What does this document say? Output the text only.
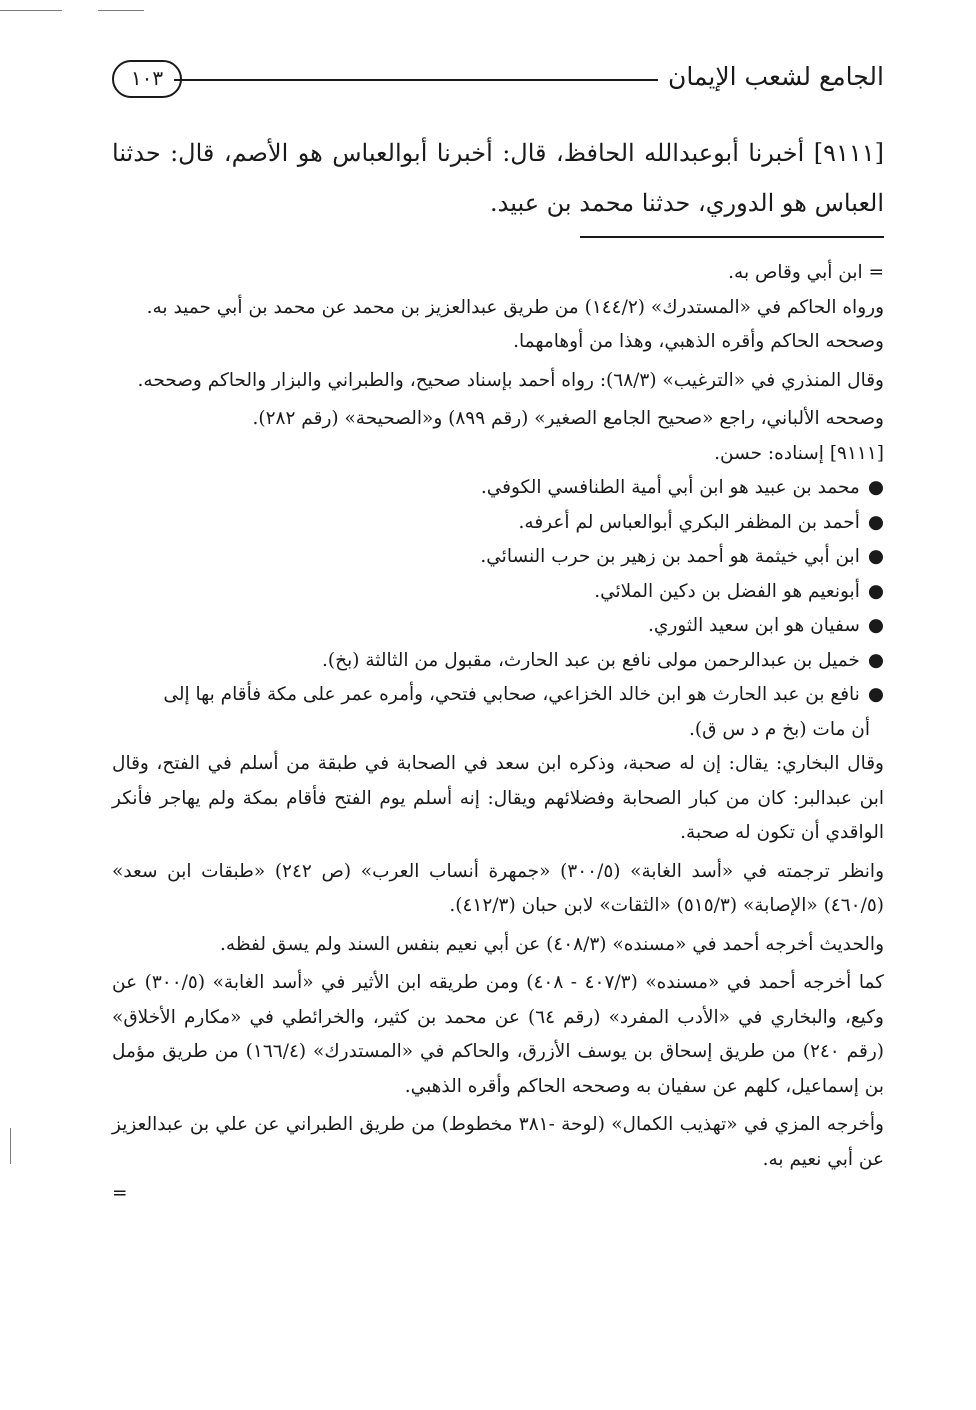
١٠٣	الجامع لشعب الإيمان

[٩١١١] أخبرنا أبوعبدالله الحافظ، قال: أخبرنا أبوالعباس هو الأصم، قال: حدثنا العباس هو الدوري، حدثنا محمد بن عبيد.

= ابن أبي وقاص به.

ورواه الحاكم في «المستدرك» (١٤٤/٢) من طريق عبدالعزيز بن محمد عن محمد بن أبي حميد به.

وصححه الحاكم وأقره الذهبي، وهذا من أوهامهما.

وقال المنذري في «الترغيب» (٦٨/٣): رواه أحمد بإسناد صحيح، والطبراني والبزار والحاكم وصححه.

وصححه الألباني، راجع «صحيح الجامع الصغير» (رقم ٨٩٩) و«الصحيحة» (رقم ٢٨٢).

[٩١١١] إسناده: حسن.

●محمد بن عبيد هو ابن أبي أمية الطنافسي الكوفي.

●أحمد بن المظفر البكري أبوالعباس لم أعرفه.

●ابن أبي خيثمة هو أحمد بن زهير بن حرب النسائي.

●أبونعيم هو الفضل بن دكين الملائي.

●سفيان هو ابن سعيد الثوري.

●خميل بن عبدالرحمن مولى نافع بن عبد الحارث، مقبول من الثالثة (بخ).

●نافع بن عبد الحارث هو ابن خالد الخزاعي، صحابي فتحي، وأمره عمر على مكة فأقام بها إلى

أن مات (بخ م د س ق).

وقال البخاري: يقال: إن له صحبة، وذكره ابن سعد في الصحابة في طبقة من أسلم في الفتح، وقال ابن عبدالبر: كان من كبار الصحابة وفضلائهم ويقال: إنه أسلم يوم الفتح فأقام بمكة ولم يهاجر فأنكر الواقدي أن تكون له صحبة.

وانظر ترجمته في «أسد الغابة» (٣٠٠/٥) «جمهرة أنساب العرب» (ص ٢٤٢) «طبقات ابن سعد» (٤٦٠/٥) «الإصابة» (٥١٥/٣) «الثقات» لابن حبان (٤١٢/٣).

والحديث أخرجه أحمد في «مسنده» (٤٠٨/٣) عن أبي نعيم بنفس السند ولم يسق لفظه.

كما أخرجه أحمد في «مسنده» (٤٠٧/٣ - ٤٠٨) ومن طريقه ابن الأثير في «أسد الغابة» (٣٠٠/٥) عن وكيع، والبخاري في «الأدب المفرد» (رقم ٦٤) عن محمد بن كثير، والخرائطي في «مكارم الأخلاق» (رقم ٢٤٠) من طريق إسحاق بن يوسف الأزرق، والحاكم في «المستدرك» (١٦٦/٤) من طريق مؤمل بن إسماعيل، كلهم عن سفيان به وصححه الحاكم وأقره الذهبي.

وأخرجه المزي في «تهذيب الكمال» (لوحة -٣٨١ مخطوط) من طريق الطبراني عن علي بن عبدالعزيز عن أبي نعيم به.

=
